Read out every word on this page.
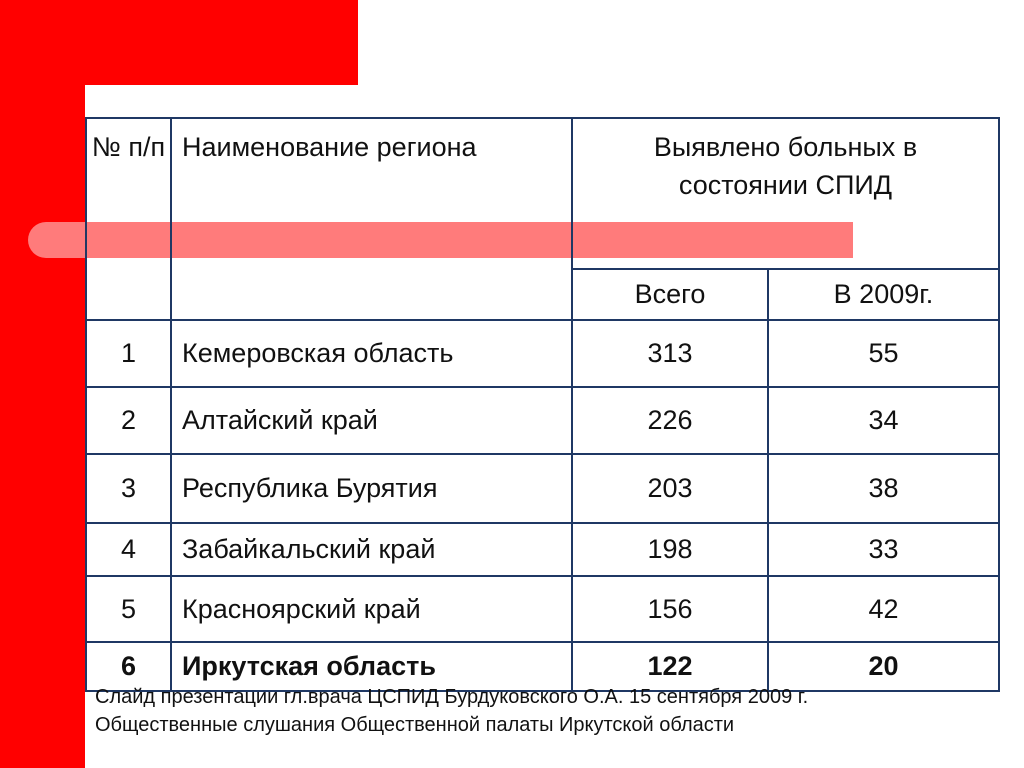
№ п/п	Наименование региона	Выявлено больных в состоянии СПИД	
		Всего	В 2009г.
1	Кемеровская область	313	55
2	Алтайский край	226	34
3	Республика Бурятия	203	38
4	Забайкальский край	198	33
5	Красноярский край	156	42
6	Иркутская область	122	20
Слайд презентации гл.врача ЦСПИД Бурдуковского О.А. 15 сентября 2009 г.
Общественные слушания Общественной палаты Иркутской области
